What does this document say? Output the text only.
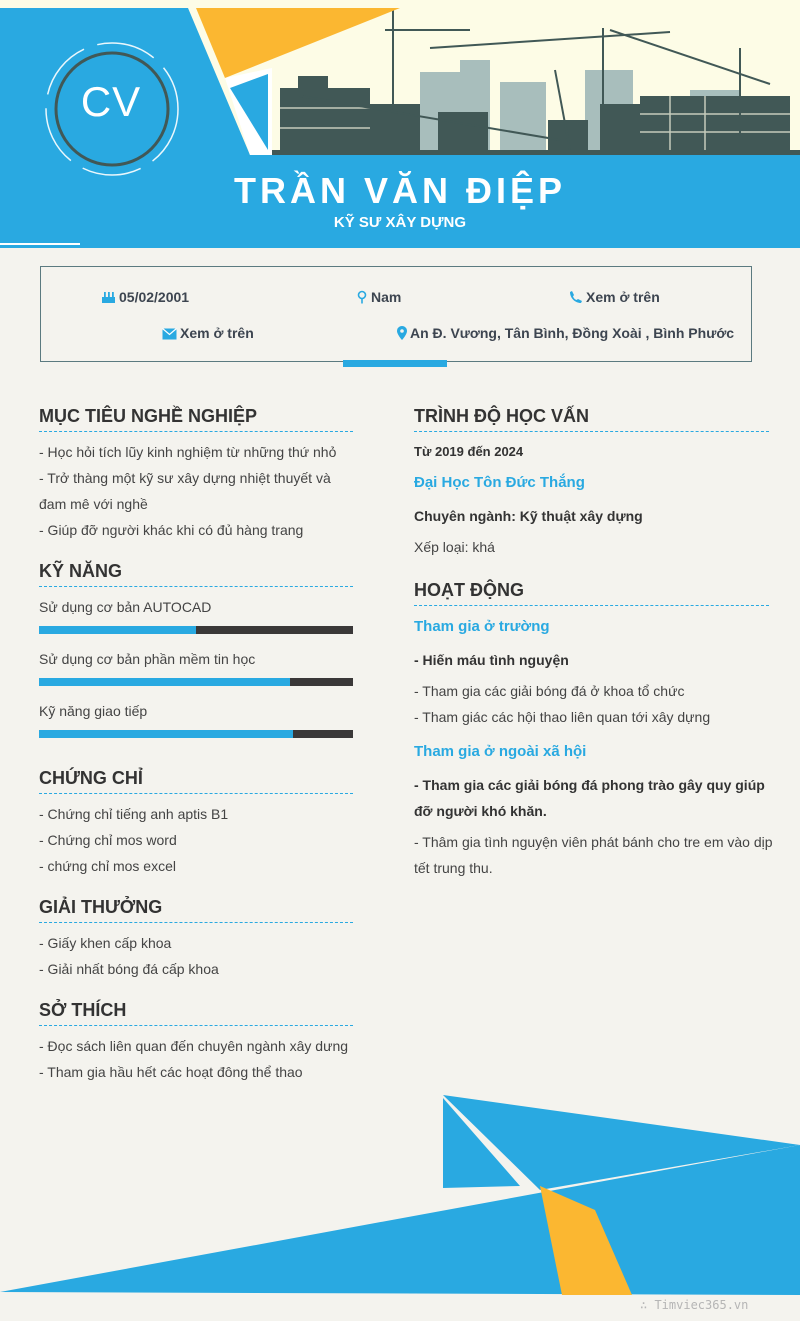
CV
TRẦN VĂN ĐIỆP
KỸ SƯ XÂY DỰNG
05/02/2001	Nam	Xem ở trên
Xem ở trên	An Đ. Vương, Tân Bình, Đồng Xoài , Bình Phước
MỤC TIÊU NGHỀ NGHIỆP
- Học hỏi tích lũy kinh nghiệm từ những thứ nhỏ
- Trở thàng một kỹ sư xây dựng nhiệt thuyết và đam mê với nghề
- Giúp đỡ người khác khi có đủ hàng trang
KỸ NĂNG
Sử dụng cơ bản AUTOCAD
Sử dụng cơ bản phần mềm tin học
Kỹ năng giao tiếp
CHỨNG CHỈ
- Chứng chỉ tiếng anh aptis B1
- Chứng chỉ mos word
- chứng chỉ mos excel
GIẢI THƯỞNG
- Giấy khen cấp khoa
- Giải nhất bóng đá cấp khoa
SỞ THÍCH
- Đọc sách liên quan đến chuyên ngành xây dưng
- Tham gia hầu hết các hoạt đông thể thao
TRÌNH ĐỘ HỌC VẤN
Từ 2019 đến 2024
Đại Học Tôn Đức Thắng
Chuyên ngành: Kỹ thuật xây dựng
Xếp loại: khá
HOẠT ĐỘNG
Tham gia ở trường
- Hiến máu tình nguyện
- Tham gia các giải bóng đá ở khoa tổ chức
- Tham giác các hội thao liên quan tới xây dựng
Tham gia ở ngoài xã hội
- Tham gia các giải bóng đá phong trào gây quy giúp đỡ người khó khăn.
- Thâm gia tình nguyện viên phát bánh cho tre em vào dịp tết trung thu.
∴ Timviec365.vn
